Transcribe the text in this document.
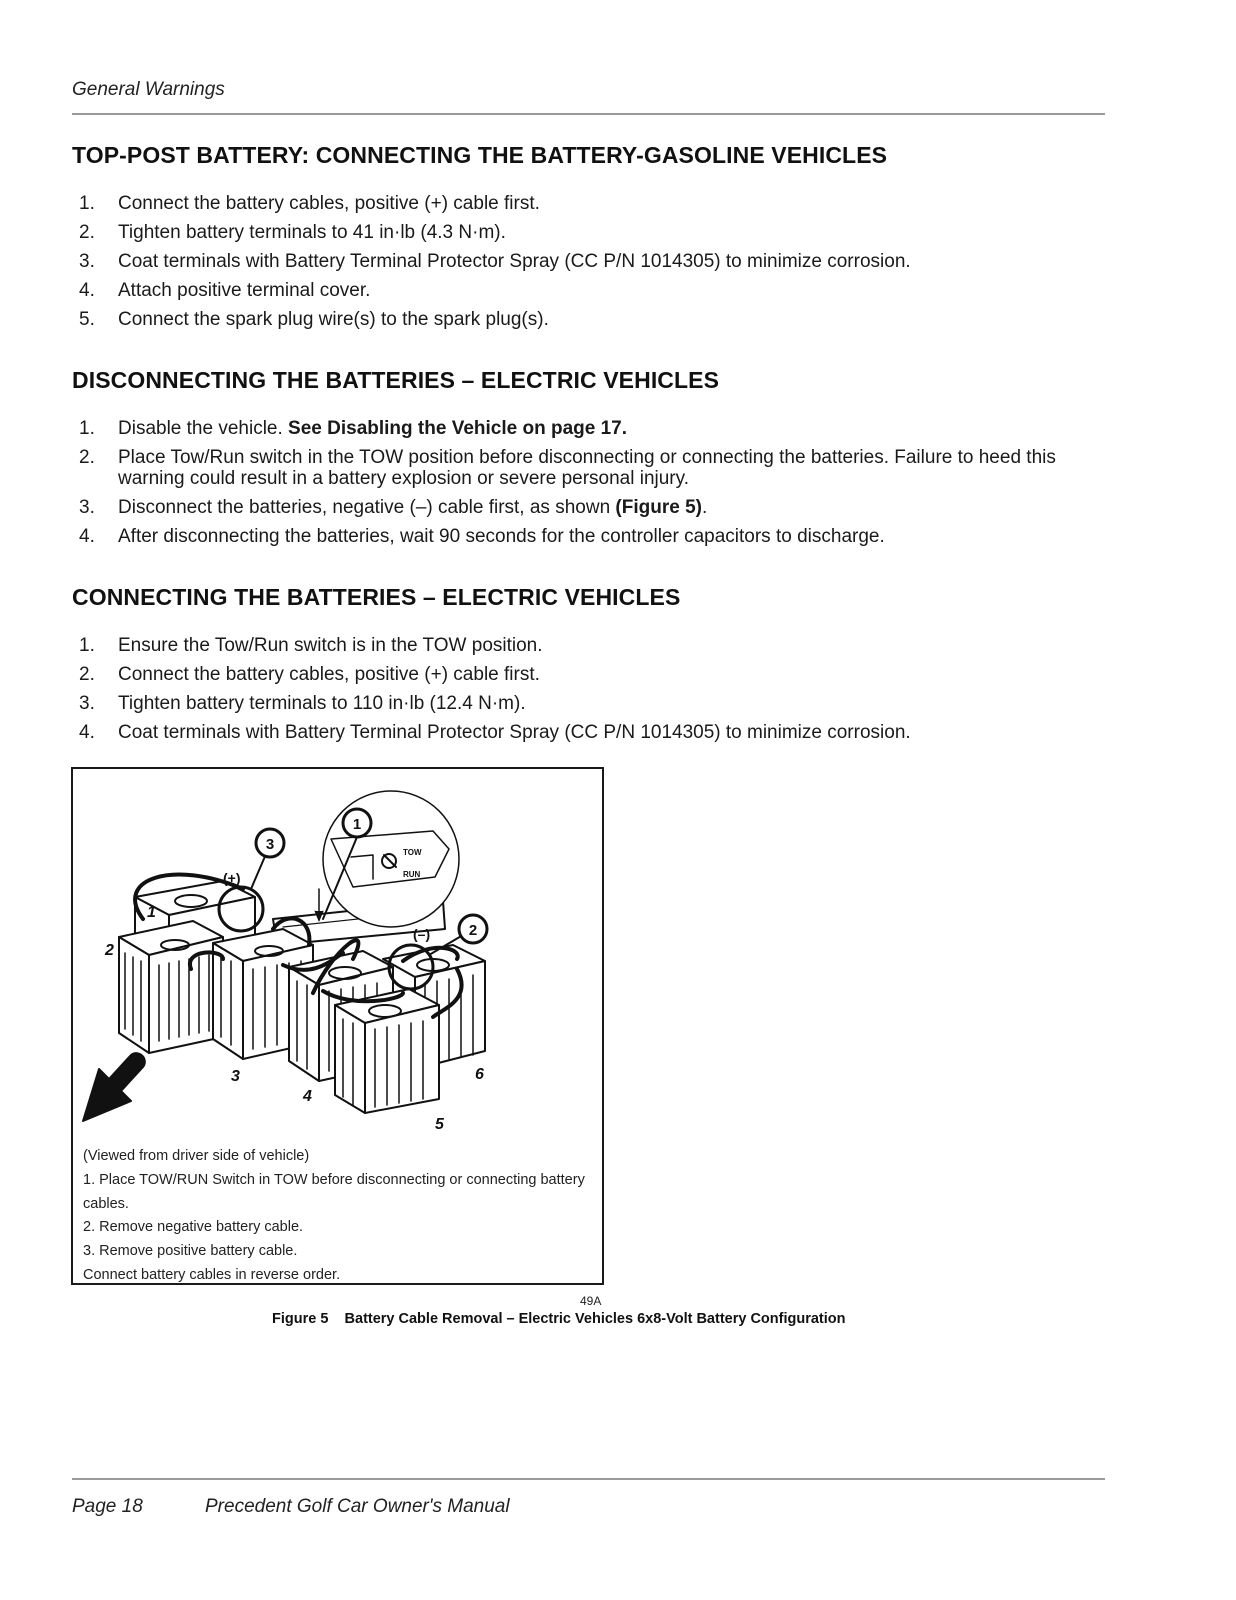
General Warnings
TOP-POST BATTERY: CONNECTING THE BATTERY-GASOLINE VEHICLES
1. Connect the battery cables, positive (+) cable first.
2. Tighten battery terminals to 41 in·lb (4.3 N·m).
3. Coat terminals with Battery Terminal Protector Spray (CC P/N 1014305) to minimize corrosion.
4. Attach positive terminal cover.
5. Connect the spark plug wire(s) to the spark plug(s).
DISCONNECTING THE BATTERIES – ELECTRIC VEHICLES
1. Disable the vehicle. See Disabling the Vehicle on page 17.
2. Place Tow/Run switch in the TOW position before disconnecting or connecting the batteries. Failure to heed this warning could result in a battery explosion or severe personal injury.
3. Disconnect the batteries, negative (–) cable first, as shown (Figure 5).
4. After disconnecting the batteries, wait 90 seconds for the controller capacitors to discharge.
CONNECTING THE BATTERIES – ELECTRIC VEHICLES
1. Ensure the Tow/Run switch is in the TOW position.
2. Connect the battery cables, positive (+) cable first.
3. Tighten battery terminals to 110 in·lb (12.4 N·m).
4. Coat terminals with Battery Terminal Protector Spray (CC P/N 1014305) to minimize corrosion.
TOW
RUN
3
1
2
(+)
(–)
1
2
3
4
5
6
(Viewed from driver side of vehicle)
1. Place TOW/RUN Switch in TOW before disconnecting or connecting battery cables.
2. Remove negative battery cable.
3. Remove positive battery cable.
Connect battery cables in reverse order.
49A
Figure 5 Battery Cable Removal – Electric Vehicles 6x8-Volt Battery Configuration
Page 18	Precedent Golf Car Owner's Manual
